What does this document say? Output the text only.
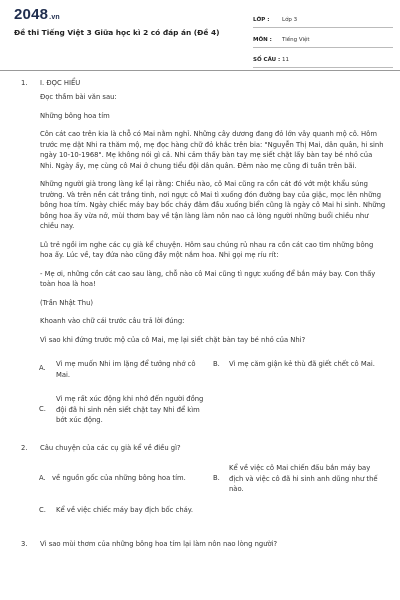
2048.vn
Đề thi Tiếng Việt 3 Giữa học kì 2 có đáp án (Đề 4)
LỚP :	Lớp 3
MÔN :	Tiếng Việt
SỐ CÂU : 11
1. I. ĐỌC HIỂU
Đọc thầm bài văn sau:
Những bông hoa tím
Côn cát cao trên kia là chỗ có Mai nằm nghỉ. Những cây dương đang đỏ lớn vây quanh mộ cô. Hôm trước mẹ dặt Nhi ra thăm mộ, mẹ đọc hàng chữ đỏ khắc trên bia: "Nguyễn Thị Mai, dân quân, hi sinh ngày 10-10-1968". Mẹ không nói gì cả. Nhi cảm thấy bàn tay mẹ siết chặt lấy bàn tay bé nhỏ của Nhi. Ngày ấy, mẹ cùng cô Mai ở chung tiểu đội dân quân. Đêm nào mẹ cũng đi tuần trên bãi.
Những người già trong làng kể lại rằng: Chiều nào, cô Mai cũng ra cồn cát đó vớt một khẩu súng trường. Và trên nền cát trắng tinh, nơi ngực cô Mai tì xuống đón đường bay của giặc, mọc lên những bông hoa tím. Ngày chiếc máy bay bốc cháy đâm đầu xuống biển cũng là ngày cô Mai hi sinh. Những bông hoa ấy vừa nở, mùi thơm bay về tận làng làm nôn nao cả lòng người những buổi chiều như chiều nay.
Lũ trẻ ngồi im nghe các cụ già kể chuyện. Hôm sau chúng rủ nhau ra cồn cát cao tìm những bông hoa ấy. Lúc về, tay đứa nào cũng đầy một nắm hoa. Nhi gọi mẹ ríu rít:
- Mẹ ơi, những cồn cát cao sau làng, chỗ nào cô Mai cũng tì ngực xuống để bắn máy bay. Con thấy toàn hoa là hoa!
(Trần Nhật Thu)
Khoanh vào chữ cái trước câu trả lời đúng:
Vì sao khi đứng trước mộ của cô Mai, mẹ lại siết chặt bàn tay bé nhỏ của Nhi?
A. Vì mẹ muốn Nhi im lặng để tưởng nhớ cô Mai.
B. Vì mẹ căm giận kẻ thù đã giết chết cô Mai.
C.
Vì mẹ rất xúc động khi nhớ đến người đồng đội đã hi sinh nên siết chặt tay Nhi để kìm bớt xúc động.
2. Câu chuyện của các cụ già kể về điều gì?
A. về nguồn gốc của những bông hoa tím.	B.
Kể về việc cô Mai chiến đấu bắn máy bay địch và việc cô đã hi sinh anh dũng như thế nào.
C. Kể về việc chiếc máy bay địch bốc cháy.
3. Vì sao mùi thơm của những bông hoa tím lại làm nôn nao lòng người?
